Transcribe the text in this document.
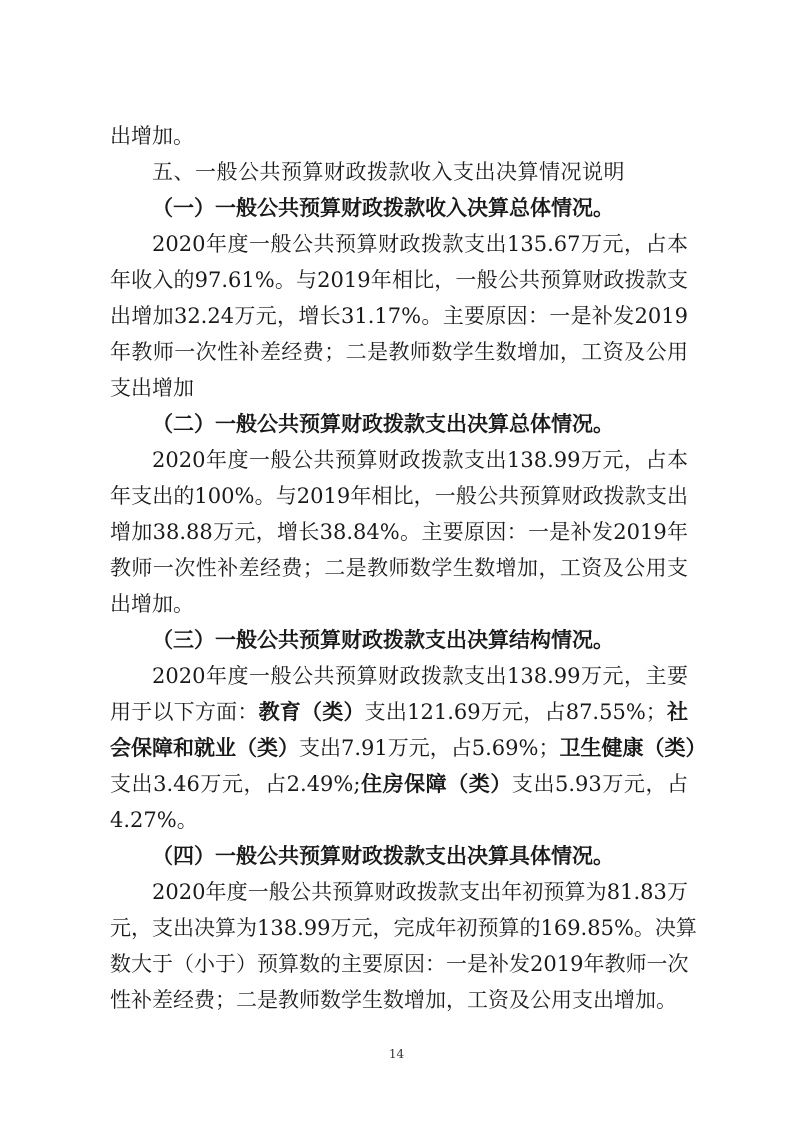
出增加。
五、一般公共预算财政拨款收入支出决算情况说明
（一）一般公共预算财政拨款收入决算总体情况。
2020年度一般公共预算财政拨款支出135.67万元，占本
年收入的97.61%。与2019年相比，一般公共预算财政拨款支
出增加32.24万元，增长31.17%。主要原因：一是补发2019
年教师一次性补差经费；二是教师数学生数增加，工资及公用
支出增加
（二）一般公共预算财政拨款支出决算总体情况。
2020年度一般公共预算财政拨款支出138.99万元，占本
年支出的100%。与2019年相比，一般公共预算财政拨款支出
增加38.88万元，增长38.84%。主要原因：一是补发2019年
教师一次性补差经费；二是教师数学生数增加，工资及公用支
出增加。
（三）一般公共预算财政拨款支出决算结构情况。
2020年度一般公共预算财政拨款支出138.99万元，主要
用于以下方面：教育（类）支出121.69万元，占87.55%；社
会保障和就业（类）支出7.91万元，占5.69%；卫生健康（类）
支出3.46万元，占2.49%;住房保障（类）支出5.93万元，占
4.27%。
（四）一般公共预算财政拨款支出决算具体情况。
2020年度一般公共预算财政拨款支出年初预算为81.83万
元，支出决算为138.99万元，完成年初预算的169.85%。决算
数大于（小于）预算数的主要原因：一是补发2019年教师一次
性补差经费；二是教师数学生数增加，工资及公用支出增加。
14
